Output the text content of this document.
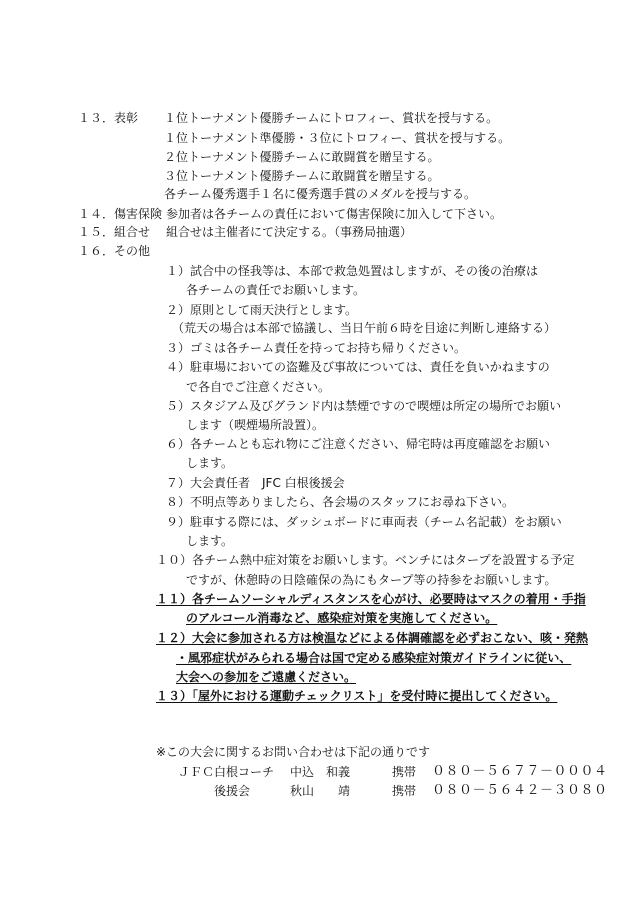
１３．表彰 １位トーナメント優勝チームにトロフィー、賞状を授与する。
１位トーナメント準優勝・３位にトロフィー、賞状を授与する。
２位トーナメント優勝チームに敢闘賞を贈呈する。
３位トーナメント優勝チームに敢闘賞を贈呈する。
各チーム優秀選手１名に優秀選手賞のメダルを授与する。
１４．傷害保険 参加者は各チームの責任において傷害保険に加入して下さい。
１５．組合せ 組合せは主催者にて決定する。（事務局抽選）
１６．その他
１）試合中の怪我等は、本部で救急処置はしますが、その後の治療は
各チームの責任でお願いします。
２）原則として雨天決行とします。
（荒天の場合は本部で協議し、当日午前６時を目途に判断し連絡する）
３）ゴミは各チーム責任を持ってお持ち帰りください。
４）駐車場においての盗難及び事故については、責任を負いかねますの
で各自でご注意ください。
５）スタジアム及びグランド内は禁煙ですので喫煙は所定の場所でお願い
します（喫煙場所設置）。
６）各チームとも忘れ物にご注意ください、帰宅時は再度確認をお願い
します。
７）大会責任者　JFC 白根後援会
８）不明点等ありましたら、各会場のスタッフにお尋ね下さい。
９）駐車する際には、ダッシュボードに車両表（チーム名記載）をお願い
します。
１０）各チーム熱中症対策をお願いします。ベンチにはタープを設置する予定
ですが、休憩時の日陰確保の為にもタープ等の持参をお願いします。
１１）各チームソーシャルディスタンスを心がけ、必要時はマスクの着用・手指
のアルコール消毒など、感染症対策を実施してください。
１２）大会に参加される方は検温などによる体調確認を必ずおこない、咳・発熱
・風邪症状がみられる場合は国で定める感染症対策ガイドラインに従い、
大会への参加をご遠慮ください。
１３）「屋外における運動チェックリスト」を受付時に提出してください。
※この大会に関するお問い合わせは下記の通りです
ＪＦＣ白根コーチ 中込　和義	携帯 ０８０－５６７７－０００４
後援会	秋山　　靖	携帯 ０８０－５６４２－３０８０
